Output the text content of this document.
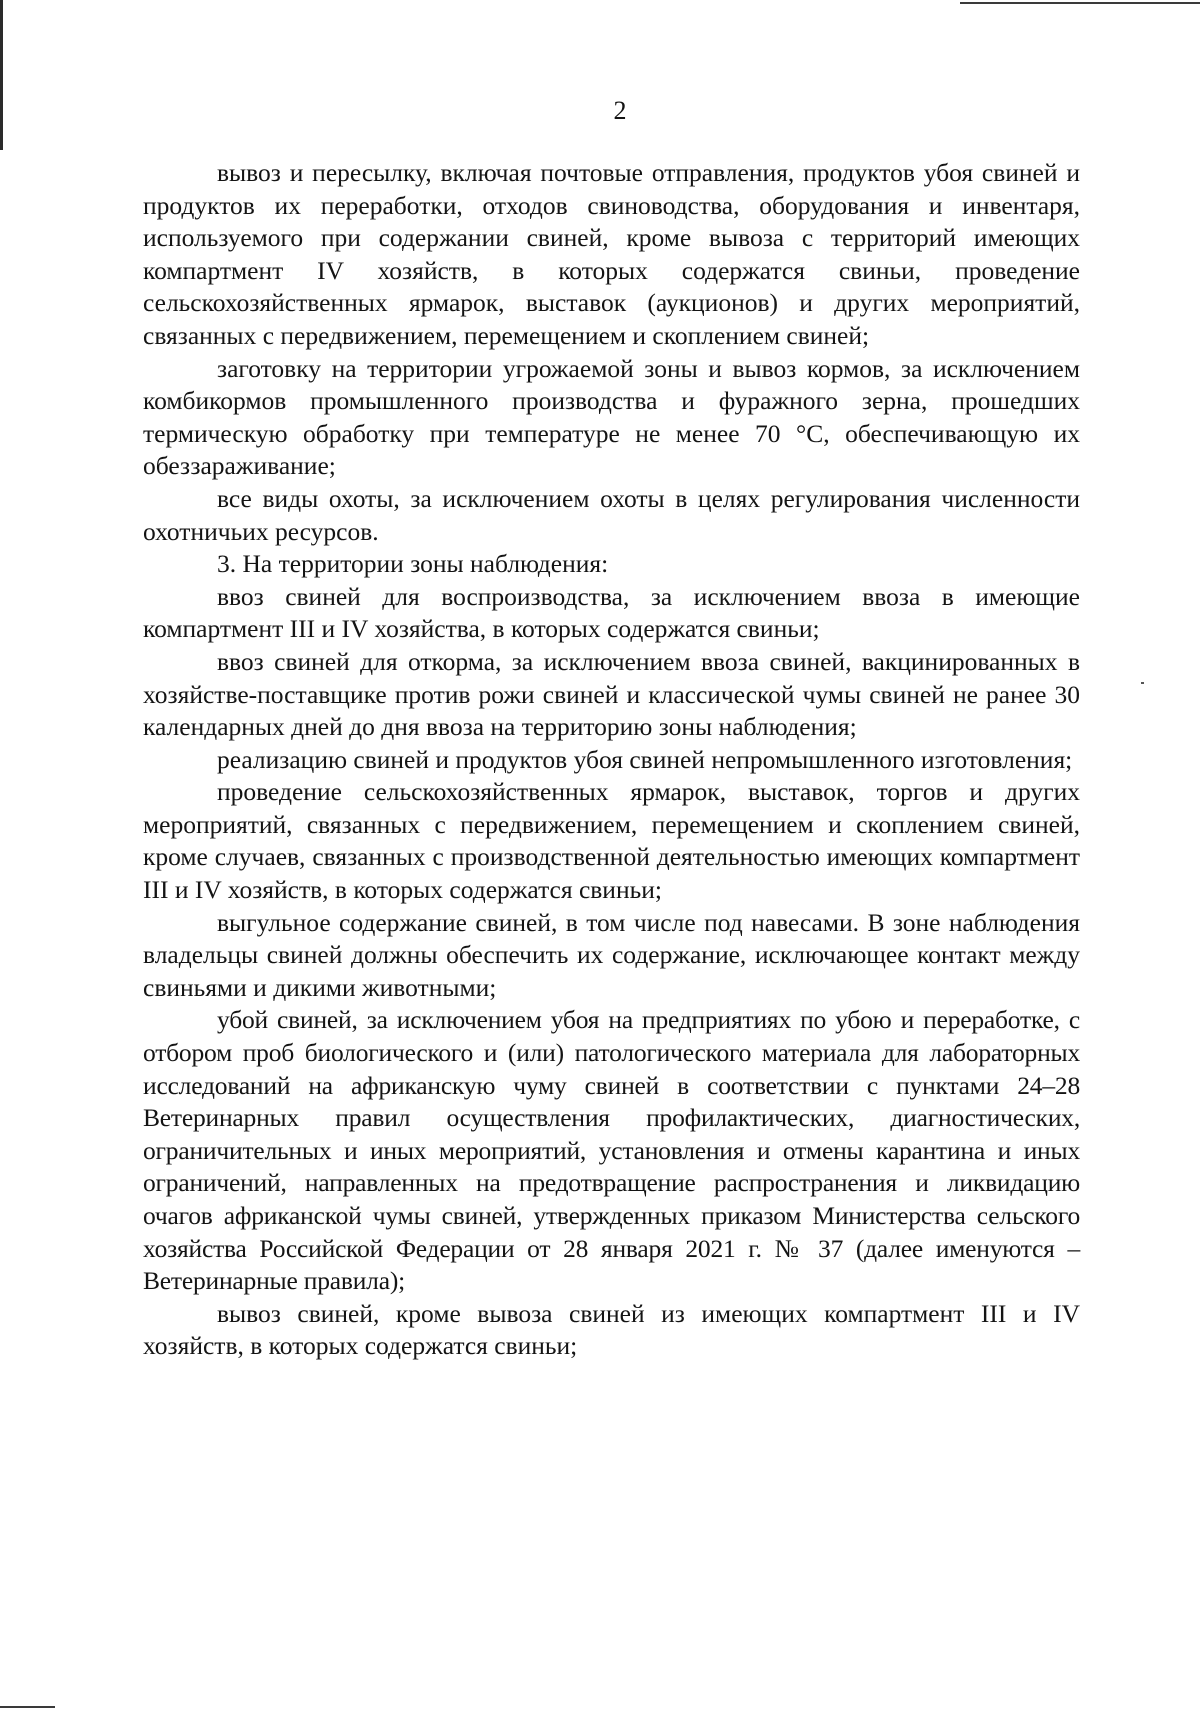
2

вывоз и пересылку, включая почтовые отправления, продуктов убоя свиней и продуктов их переработки, отходов свиноводства, оборудования и инвентаря, используемого при содержании свиней, кроме вывоза с территорий имеющих компартмент IV хозяйств, в которых содержатся свиньи, проведение сельскохозяйственных ярмарок, выставок (аукционов) и других мероприятий, связанных с передвижением, перемещением и скоплением свиней;

заготовку на территории угрожаемой зоны и вывоз кормов, за исключением комбикормов промышленного производства и фуражного зерна, прошедших термическую обработку при температуре не менее 70 °С, обеспечивающую их обеззараживание;

все виды охоты, за исключением охоты в целях регулирования численности охотничьих ресурсов.

3. На территории зоны наблюдения:

ввоз свиней для воспроизводства, за исключением ввоза в имеющие компартмент III и IV хозяйства, в которых содержатся свиньи;

ввоз свиней для откорма, за исключением ввоза свиней, вакцинированных в хозяйстве-поставщике против рожи свиней и классической чумы свиней не ранее 30 календарных дней до дня ввоза на территорию зоны наблюдения;

реализацию свиней и продуктов убоя свиней непромышленного изготовления;

проведение сельскохозяйственных ярмарок, выставок, торгов и других мероприятий, связанных с передвижением, перемещением и скоплением свиней, кроме случаев, связанных с производственной деятельностью имеющих компартмент III и IV хозяйств, в которых содержатся свиньи;

выгульное содержание свиней, в том числе под навесами. В зоне наблюдения владельцы свиней должны обеспечить их содержание, исключающее контакт между свиньями и дикими животными;

убой свиней, за исключением убоя на предприятиях по убою и переработке, с отбором проб биологического и (или) патологического материала для лабораторных исследований на африканскую чуму свиней в соответствии с пунктами 24–28 Ветеринарных правил осуществления профилактических, диагностических, ограничительных и иных мероприятий, установления и отмены карантина и иных ограничений, направленных на предотвращение распространения и ликвидацию очагов африканской чумы свиней, утвержденных приказом Министерства сельского хозяйства Российской Федерации от 28 января 2021 г. № 37 (далее именуются – Ветеринарные правила);

вывоз свиней, кроме вывоза свиней из имеющих компартмент III и IV хозяйств, в которых содержатся свиньи;
